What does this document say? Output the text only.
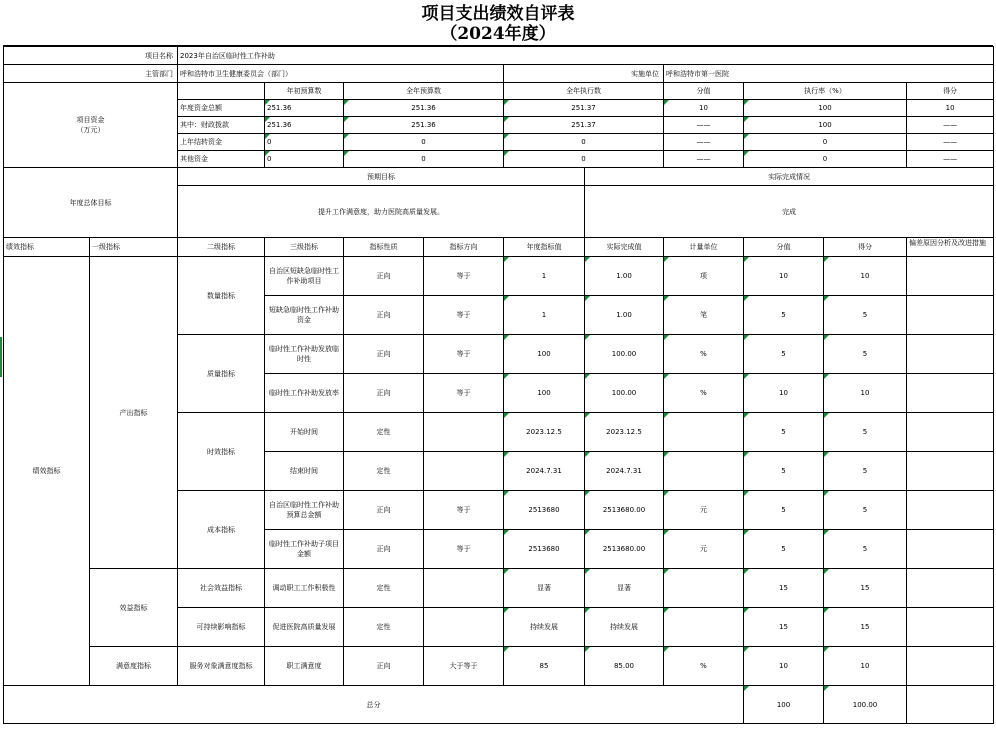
项目支出绩效自评表
（2024年度）
项目名称		2023年自治区临时性工作补助									
主管部门		呼和浩特市卫生健康委员会（部门）				实施单位		呼和浩特市第一医院			

项目资金
（万元）			年初预算数	全年预算数		全年执行数		分值	执行率（%）		得分
		年度资金总额	251.36	251.36		251.37		10	100		10
		其中：财政拨款	251.36	251.36		251.37		——	100		——
		上年结转资金	0	0		0		——	0		——
		其他资金	0	0		0		——	0		——
年度总体目标		预期目标					实际完成情况				
		提升工作满意度，助力医院高质量发展。					完成				
绩效指标	一级指标	二级指标	三级指标	指标性质	指标方向	年度指标值	实际完成值	计量单位	分值	得分	偏差原因分析及改进措施
绩效指标	产出指标	数量指标	自治区短缺急临时性工作补助项目	正向	等于	1	1.00	项	10	10	
			短缺急临时性工作补助资金	正向	等于	1	1.00	笔	5	5	
		质量指标	临时性工作补助发放临时性	正向	等于	100	100.00	%	5	5	
			临时性工作补助发放率	正向	等于	100	100.00	%	10	10	
		时效指标	开始时间	定性		2023.12.5	2023.12.5		5	5	
			结束时间	定性		2024.7.31	2024.7.31		5	5	
		成本指标	自治区临时性工作补助预算总金额	正向	等于	2513680	2513680.00	元	5	5	
			临时性工作补助子项目金额	正向	等于	2513680	2513680.00	元	5	5	
	效益指标	社会效益指标	调动职工工作积极性	定性		显著	显著		15	15	
		可持续影响指标	促进医院高质量发展	定性		持续发展	持续发展		15	15	
	满意度指标	服务对象满意度指标	职工满意度	正向	大于等于	85	85.00	%	10	10	
总分									100	100.00	
